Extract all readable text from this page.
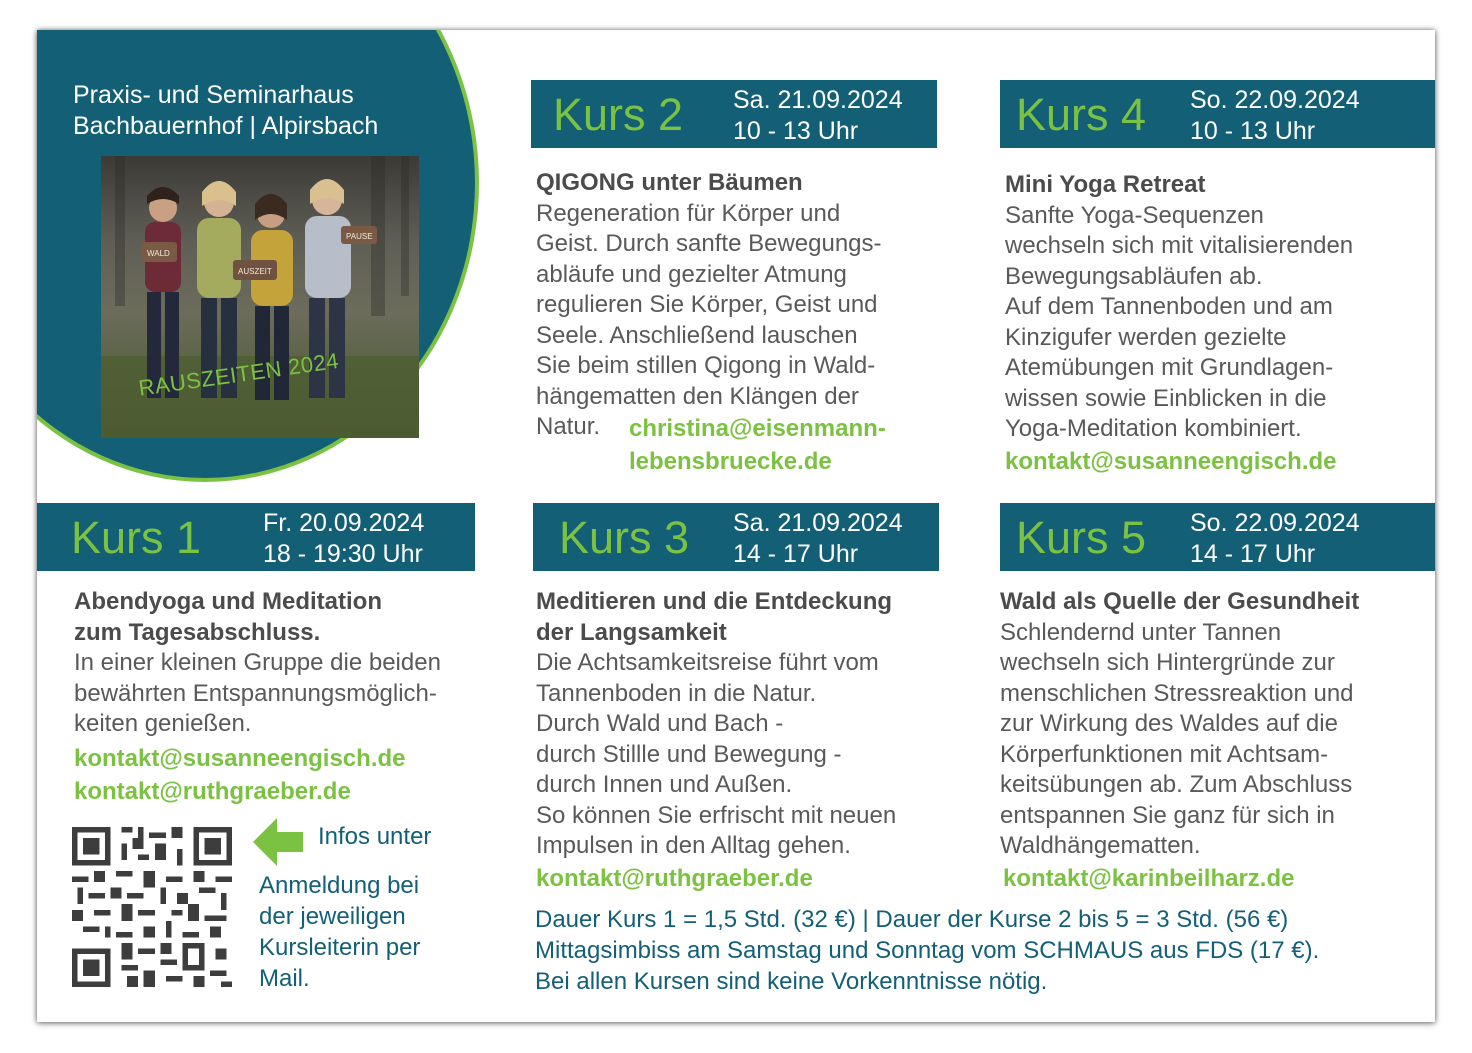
Praxis- und Seminarhaus
Bachbauernhof | Alpirsbach
WALD
AUSZEIT
PAUSE
RAUSZEITEN 2024
Kurs 2 Sa. 21.09.2024
10 - 13 Uhr

QIGONG unter Bäumen

Regeneration für Körper und
Geist. Durch sanfte Bewegungs-
abläufe und gezielter Atmung
regulieren Sie Körper, Geist und
Seele. Anschließend lauschen
Sie beim stillen Qigong in Wald-
hängematten den Klängen der

Natur. christina@eisenmann-
lebensbruecke.de
Kurs 4 So. 22.09.2024
10 - 13 Uhr

Mini Yoga Retreat

Sanfte Yoga-Sequenzen
wechseln sich mit vitalisierenden
Bewegungsabläufen ab.
Auf dem Tannenboden und am
Kinzigufer werden gezielte
Atemübungen mit Grundlagen-
wissen sowie Einblicken in die
Yoga-Meditation kombiniert.

kontakt@susanneengisch.de
Kurs 1 Fr. 20.09.2024
18 - 19:30 Uhr

Abendyoga und Meditation
zum Tagesabschluss.

In einer kleinen Gruppe die beiden
bewährten Entspannungsmöglich-
keiten genießen.

kontakt@susanneengisch.de
kontakt@ruthgraeber.de
Kurs 3 Sa. 21.09.2024
14 - 17 Uhr

Meditieren und die Entdeckung
der Langsamkeit

Die Achtsamkeitsreise führt vom
Tannenboden in die Natur.
Durch Wald und Bach -
durch Stillle und Bewegung -
durch Innen und Außen.
So können Sie erfrischt mit neuen
Impulsen in den Alltag gehen.

kontakt@ruthgraeber.de
Kurs 5 So. 22.09.2024
14 - 17 Uhr

Wald als Quelle der Gesundheit

Schlendernd unter Tannen
wechseln sich Hintergründe zur
menschlichen Stressreaktion und
zur Wirkung des Waldes auf die
Körperfunktionen mit Achtsam-
keitsübungen ab. Zum Abschluss
entspannen Sie ganz für sich in
Waldhängematten.

kontakt@karinbeilharz.de
Infos unter
Anmeldung bei
der jeweiligen
Kursleiterin per
Mail.
Dauer Kurs 1 = 1,5 Std. (32 €) | Dauer der Kurse 2 bis 5 = 3 Std. (56 €)
Mittagsimbiss am Samstag und Sonntag vom SCHMAUS aus FDS (17 €).
Bei allen Kursen sind keine Vorkenntnisse nötig.
